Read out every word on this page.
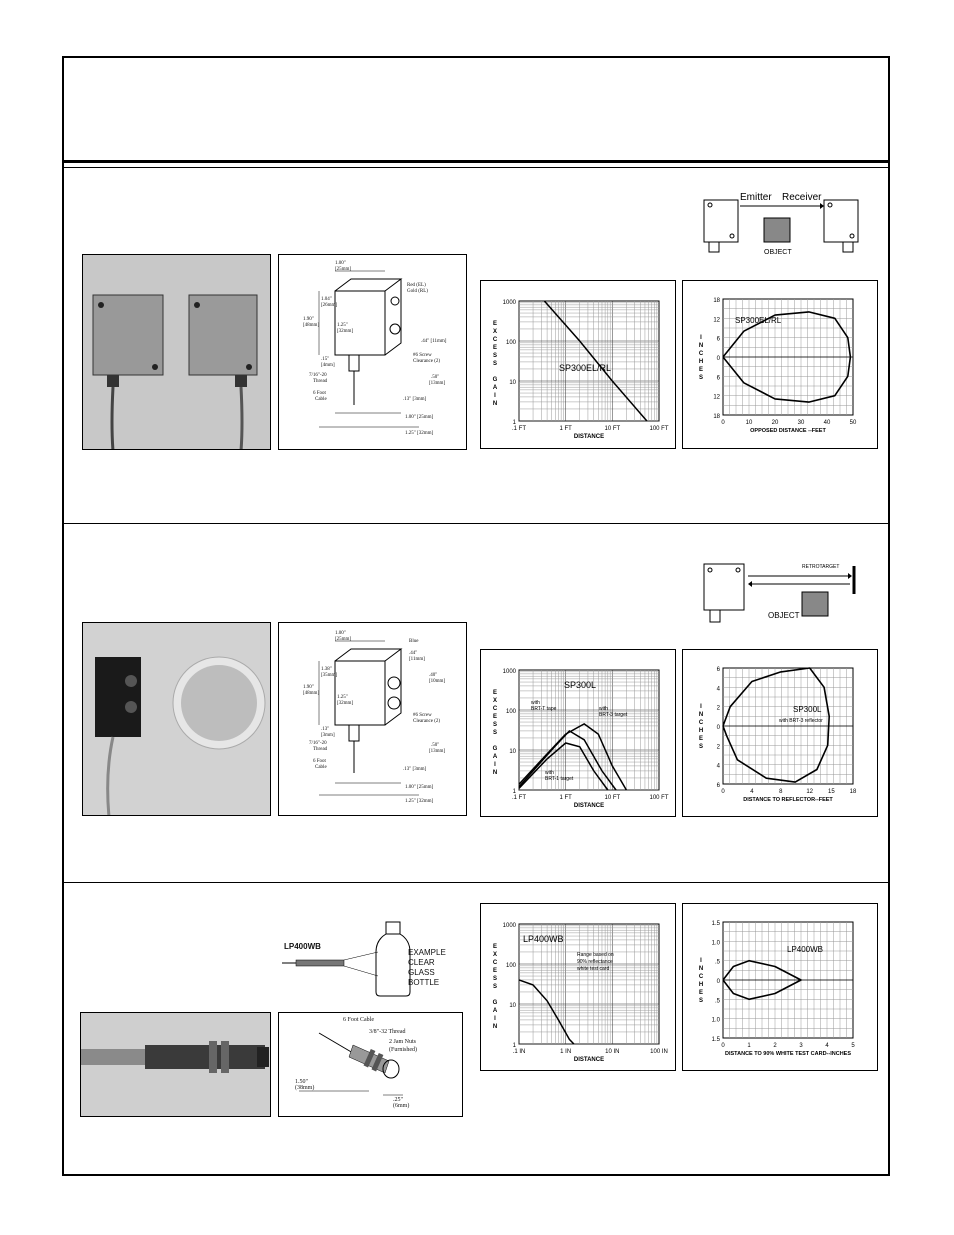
Emitter Receiver
OBJECT
1.00"
[25mm]
1.04"
[26mm]
1.90"
[48mm]	1.25"
[32mm]
.15"
[4mm]
7/16"-20
Thread
6 Foot
Cable
Red (EL)
Gold (RL)
.44" [11mm]
#6 Screw
Clearance (2)
.50"
[13mm]
.13" [3mm]
1.00" [25mm]
1.25" [32mm]
1000
100
10
1
.1 FT	1 FT	10 FT	100 FT
DISTANCE
E
X
C
E
S
S
G
A
I
N
SP300EL/RL
18
12
6
0
6
12
18
0	10	20	30	40	50
OPPOSED DISTANCE --FEET
I
N
C
H
E
S
SP300EL/RL
RETROTARGET
OBJECT
1.00"
[25mm]
1.38"
[35mm]
1.90"
[48mm]
1.25"
[32mm]
.13"
[3mm]
7/16"-20
Thread
6 Foot
Cable
Blue
.44"
[11mm]
.40"
[10mm]
#6 Screw
Clearance (2)
.50"
[13mm]
.13" [3mm]
1.00" [25mm]
1.25" [32mm]
1000
100
10
1
.1 FT	1 FT	10 FT	100 FT
DISTANCE
E
X
C
E
S
S
G
A
I
N
SP300L
with
BRT-T tape	with
BRT-3 target
with
BRT-1 target
6
4
2
0
2
4
6
0	4	8	12 15 18
DISTANCE TO REFLECTOR--FEET
I
N
C
H
E
S
SP300L
with BRT-3 reflector
LP400WB
EXAMPLE
CLEAR
GLASS
BOTTLE
6 Foot Cable
3/8"-32 Thread
2 Jam Nuts
(Furnished)
1.50"
(38mm)
.25"
(6mm)
1000
100
10
1
.1 IN	1 IN	10 IN	100 IN
DISTANCE
E
X
C
E
S
S
G
A
I
N
LP400WB
Range based on
90% reflectance
white test card
1.5
1.0
.5
0
.5
1.0
1.5
0	1	2	3	4	5
DISTANCE TO 90% WHITE TEST CARD--INCHES
I
N
C
H
E
S
LP400WB
